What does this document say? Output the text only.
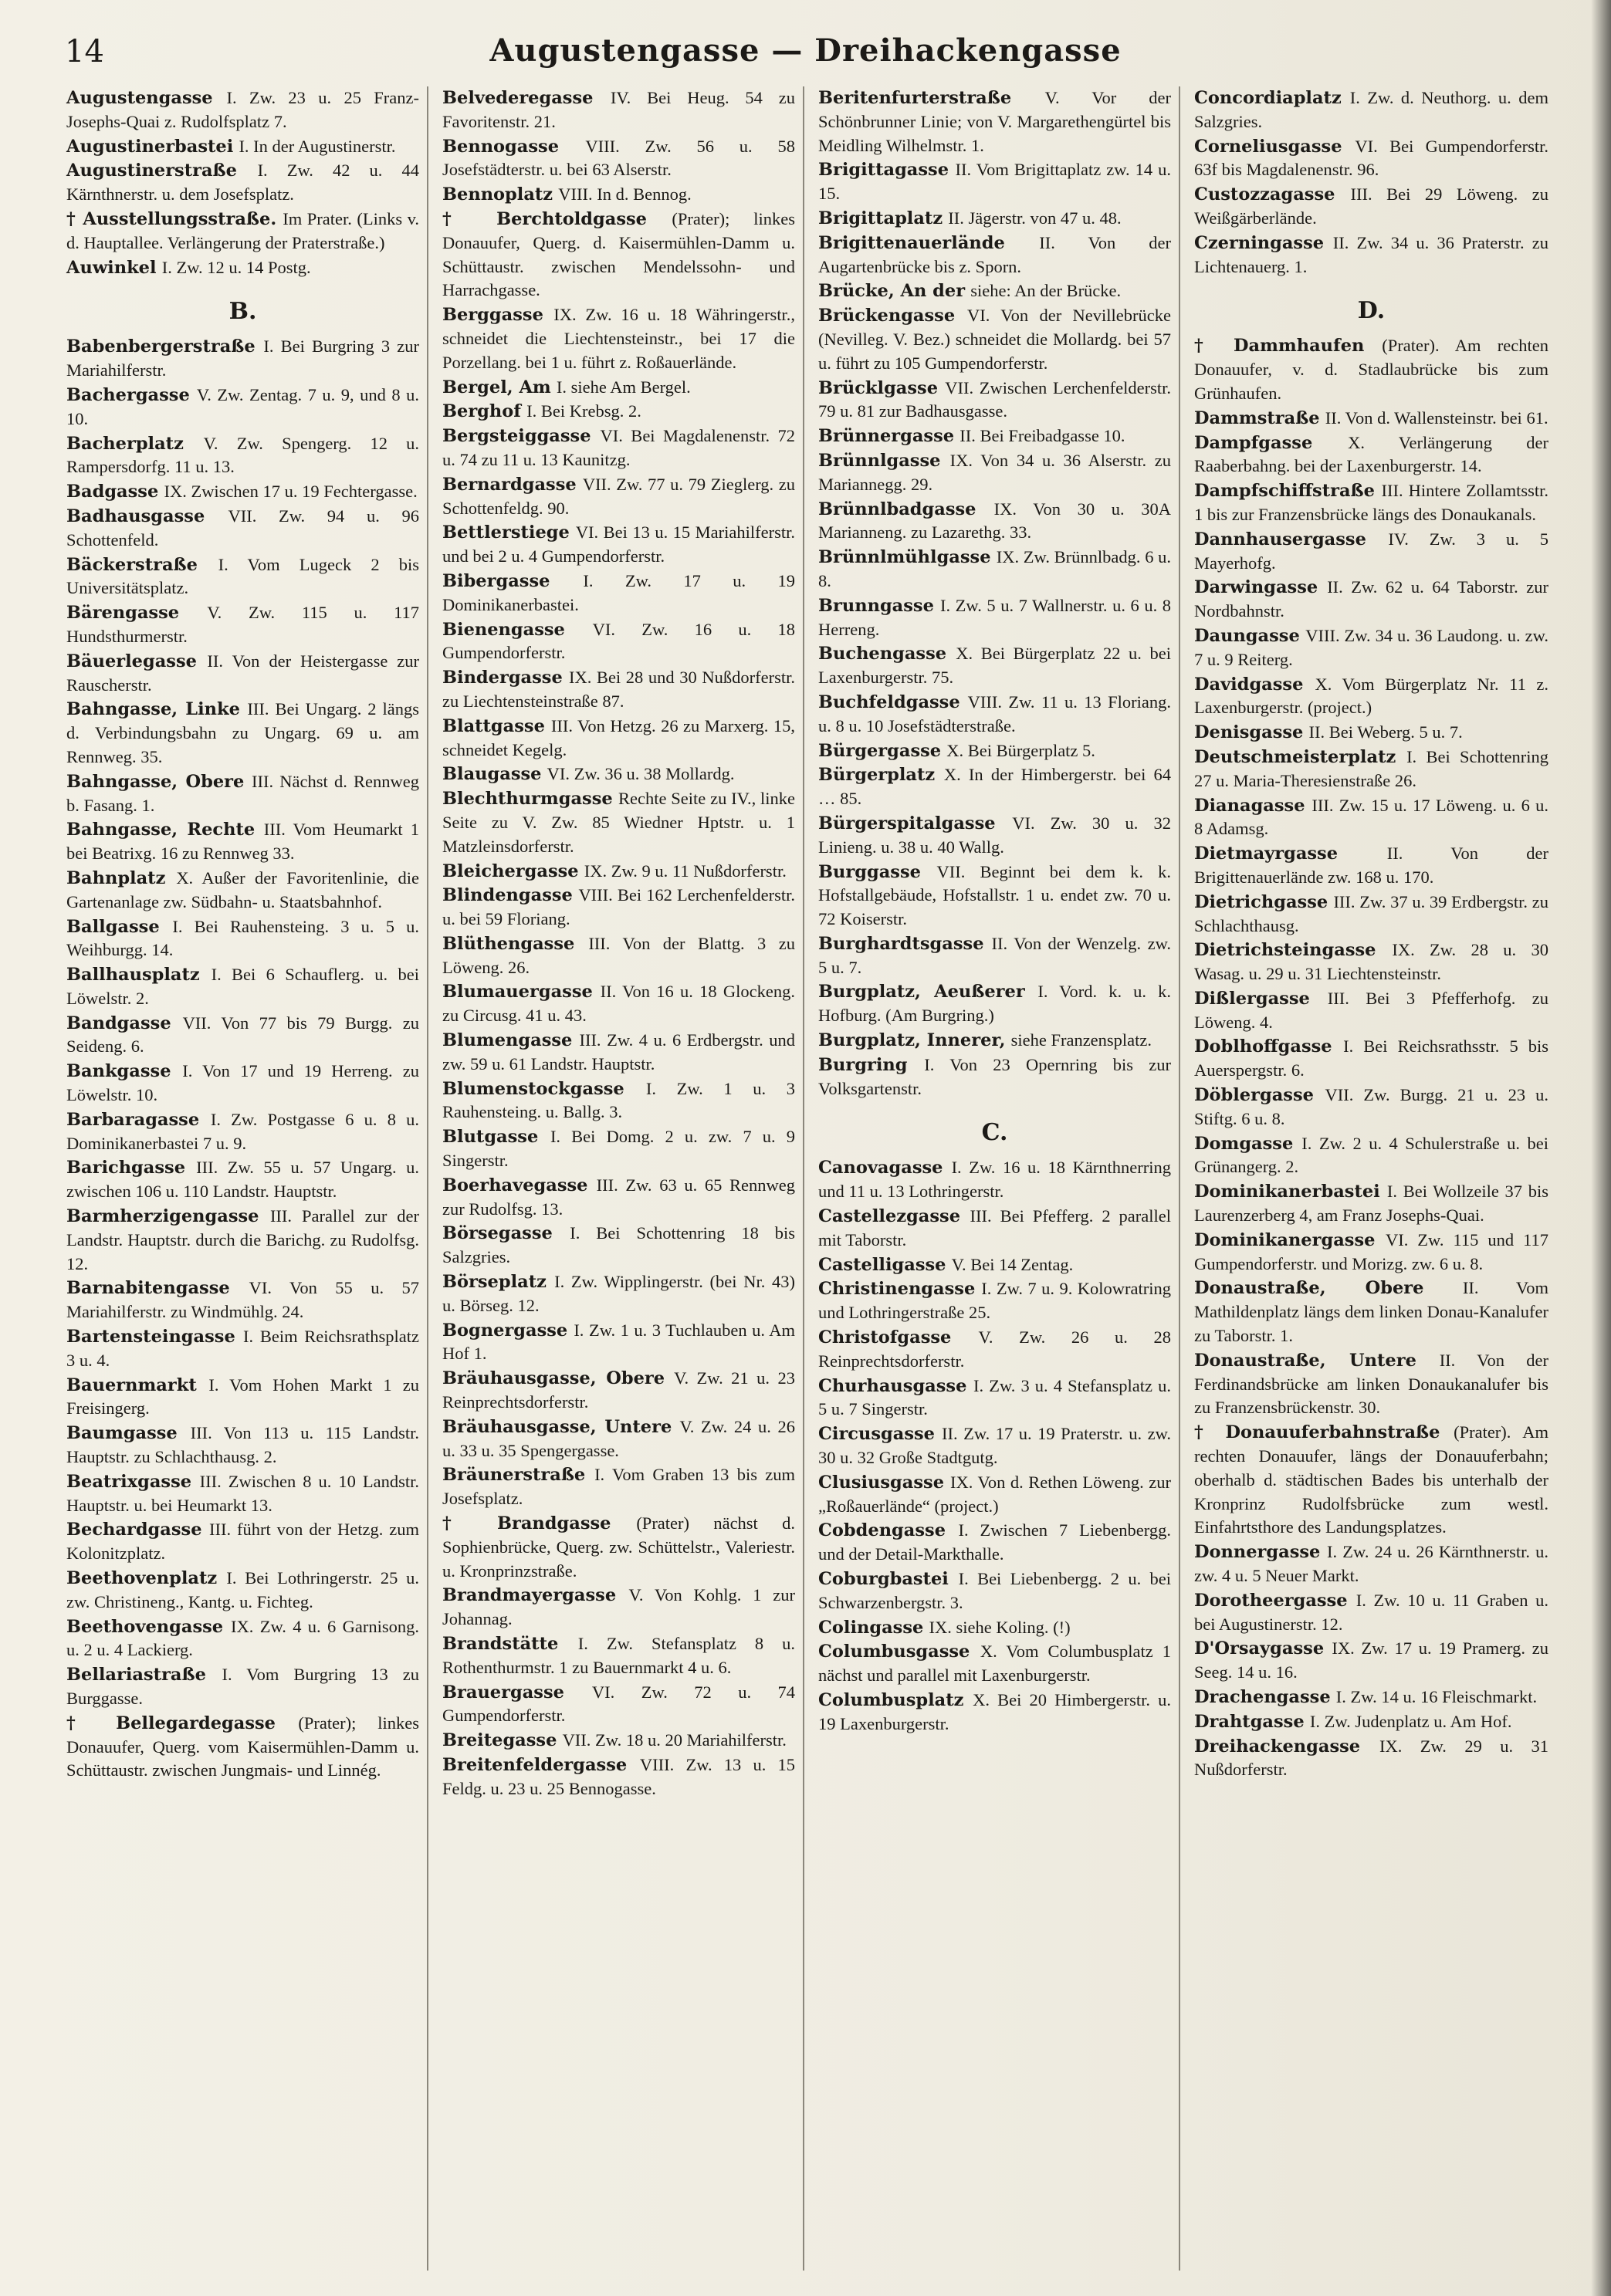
14	Augustengasse — Dreihackengasse
Augustengasse I. Zw. 23 u. 25 Franz-Josephs-Quai z. Rudolfsplatz 7.
Augustinerbastei I. In der Augustinerstr.
Augustinerstraße I. Zw. 42 u. 44 Kärnthnerstr. u. dem Josefsplatz.
† Ausstellungsstraße. Im Prater. (Links v. d. Hauptallee. Verlängerung der Praterstraße.)
Auwinkel I. Zw. 12 u. 14 Postg.
B.
Babenbergerstraße I. Bei Burgring 3 zur Mariahilferstr.
Bachergasse V. Zw. Zentag. 7 u. 9, und 8 u. 10.
Bacherplatz V. Zw. Spengerg. 12 u. Rampersdorfg. 11 u. 13.
Badgasse IX. Zwischen 17 u. 19 Fechtergasse.
Badhausgasse VII. Zw. 94 u. 96 Schottenfeld.
Bäckerstraße I. Vom Lugeck 2 bis Universitätsplatz.
Bärengasse V. Zw. 115 u. 117 Hundsthurmerstr.
Bäuerlegasse II. Von der Heistergasse zur Rauscherstr.
Bahngasse, Linke III. Bei Ungarg. 2 längs d. Verbindungsbahn zu Ungarg. 69 u. am Rennweg. 35.
Bahngasse, Obere III. Nächst d. Rennweg b. Fasang. 1.
Bahngasse, Rechte III. Vom Heumarkt 1 bei Beatrixg. 16 zu Rennweg 33.
Bahnplatz X. Außer der Favoritenlinie, die Gartenanlage zw. Südbahn- u. Staatsbahnhof.
Ballgasse I. Bei Rauhensteing. 3 u. 5 u. Weihburgg. 14.
Ballhausplatz I. Bei 6 Schauflerg. u. bei Löwelstr. 2.
Bandgasse VII. Von 77 bis 79 Burgg. zu Seideng. 6.
Bankgasse I. Von 17 und 19 Herreng. zu Löwelstr. 10.
Barbaragasse I. Zw. Postgasse 6 u. 8 u. Dominikanerbastei 7 u. 9.
Barichgasse III. Zw. 55 u. 57 Ungarg. u. zwischen 106 u. 110 Landstr. Hauptstr.
Barmherzigengasse III. Parallel zur der Landstr. Hauptstr. durch die Barichg. zu Rudolfsg. 12.
Barnabitengasse VI. Von 55 u. 57 Mariahilferstr. zu Windmühlg. 24.
Bartensteingasse I. Beim Reichsrathsplatz 3 u. 4.
Bauernmarkt I. Vom Hohen Markt 1 zu Freisingerg.
Baumgasse III. Von 113 u. 115 Landstr. Hauptstr. zu Schlachthausg. 2.
Beatrixgasse III. Zwischen 8 u. 10 Landstr. Hauptstr. u. bei Heumarkt 13.
Bechardgasse III. führt von der Hetzg. zum Kolonitzplatz.
Beethovenplatz I. Bei Lothringerstr. 25 u. zw. Christineng., Kantg. u. Fichteg.
Beethovengasse IX. Zw. 4 u. 6 Garnisong. u. 2 u. 4 Lackierg.
Bellariastraße I. Vom Burgring 13 zu Burggasse.
† Bellegardegasse (Prater); linkes Donauufer, Querg. vom Kaisermühlen-Damm u. Schüttaustr. zwischen Jungmais- und Linnég.
Belvederegasse IV. Bei Heug. 54 zu Favoritenstr. 21.
Bennogasse VIII. Zw. 56 u. 58 Josefstädterstr. u. bei 63 Alserstr.
Bennoplatz VIII. In d. Bennog.
† Berchtoldgasse (Prater); linkes Donauufer, Querg. d. Kaisermühlen-Damm u. Schüttaustr. zwischen Mendelssohn- und Harrachgasse.
Berggasse IX. Zw. 16 u. 18 Währingerstr., schneidet die Liechtensteinstr., bei 17 die Porzellang. bei 1 u. führt z. Roßauerlände.
Bergel, Am I. siehe Am Bergel.
Berghof I. Bei Krebsg. 2.
Bergsteiggasse VI. Bei Magdalenenstr. 72 u. 74 zu 11 u. 13 Kaunitzg.
Bernardgasse VII. Zw. 77 u. 79 Zieglerg. zu Schottenfeldg. 90.
Bettlerstiege VI. Bei 13 u. 15 Mariahilferstr. und bei 2 u. 4 Gumpendorferstr.
Bibergasse I. Zw. 17 u. 19 Dominikanerbastei.
Bienengasse VI. Zw. 16 u. 18 Gumpendorferstr.
Bindergasse IX. Bei 28 und 30 Nußdorferstr. zu Liechtensteinstraße 87.
Blattgasse III. Von Hetzg. 26 zu Marxerg. 15, schneidet Kegelg.
Blaugasse VI. Zw. 36 u. 38 Mollardg.
Blechthurmgasse Rechte Seite zu IV., linke Seite zu V. Zw. 85 Wiedner Hptstr. u. 1 Matzleinsdorferstr.
Bleichergasse IX. Zw. 9 u. 11 Nußdorferstr.
Blindengasse VIII. Bei 162 Lerchenfelderstr. u. bei 59 Floriang.
Blüthengasse III. Von der Blattg. 3 zu Löweng. 26.
Blumauergasse II. Von 16 u. 18 Glockeng. zu Circusg. 41 u. 43.
Blumengasse III. Zw. 4 u. 6 Erdbergstr. und zw. 59 u. 61 Landstr. Hauptstr.
Blumenstockgasse I. Zw. 1 u. 3 Rauhensteing. u. Ballg. 3.
Blutgasse I. Bei Domg. 2 u. zw. 7 u. 9 Singerstr.
Boerhavegasse III. Zw. 63 u. 65 Rennweg zur Rudolfsg. 13.
Börsegasse I. Bei Schottenring 18 bis Salzgries.
Börseplatz I. Zw. Wipplingerstr. (bei Nr. 43) u. Börseg. 12.
Bognergasse I. Zw. 1 u. 3 Tuchlauben u. Am Hof 1.
Bräuhausgasse, Obere V. Zw. 21 u. 23 Reinprechtsdorferstr.
Bräuhausgasse, Untere V. Zw. 24 u. 26 u. 33 u. 35 Spengergasse.
Bräunerstraße I. Vom Graben 13 bis zum Josefsplatz.
† Brandgasse (Prater) nächst d. Sophienbrücke, Querg. zw. Schüttelstr., Valeriestr. u. Kronprinzstraße.
Brandmayergasse V. Von Kohlg. 1 zur Johannag.
Brandstätte I. Zw. Stefansplatz 8 u. Rothenthurmstr. 1 zu Bauernmarkt 4 u. 6.
Brauergasse VI. Zw. 72 u. 74 Gumpendorferstr.
Breitegasse VII. Zw. 18 u. 20 Mariahilferstr.
Breitenfeldergasse VIII. Zw. 13 u. 15 Feldg. u. 23 u. 25 Bennogasse.
Beritenfurterstraße V. Vor der Schönbrunner Linie; von V. Margarethengürtel bis Meidling Wilhelmstr. 1.
Brigittagasse II. Vom Brigittaplatz zw. 14 u. 15.
Brigittaplatz II. Jägerstr. von 47 u. 48.
Brigittenauerlände II. Von der Augartenbrücke bis z. Sporn.
Brücke, An der siehe: An der Brücke.
Brückengasse VI. Von der Nevillebrücke (Nevilleg. V. Bez.) schneidet die Mollardg. bei 57 u. führt zu 105 Gumpendorferstr.
Brücklgasse VII. Zwischen Lerchenfelderstr. 79 u. 81 zur Badhausgasse.
Brünnergasse II. Bei Freibadgasse 10.
Brünnlgasse IX. Von 34 u. 36 Alserstr. zu Mariannegg. 29.
Brünnlbadgasse IX. Von 30 u. 30A Marianneng. zu Lazarethg. 33.
Brünnlmühlgasse IX. Zw. Brünnlbadg. 6 u. 8.
Brunngasse I. Zw. 5 u. 7 Wallnerstr. u. 6 u. 8 Herreng.
Buchengasse X. Bei Bürgerplatz 22 u. bei Laxenburgerstr. 75.
Buchfeldgasse VIII. Zw. 11 u. 13 Floriang. u. 8 u. 10 Josefstädterstraße.
Bürgergasse X. Bei Bürgerplatz 5.
Bürgerplatz X. In der Himbergerstr. bei 64 … 85.
Bürgerspitalgasse VI. Zw. 30 u. 32 Linieng. u. 38 u. 40 Wallg.
Burggasse VII. Beginnt bei dem k. k. Hofstallgebäude, Hofstallstr. 1 u. endet zw. 70 u. 72 Koiserstr.
Burghardtsgasse II. Von der Wenzelg. zw. 5 u. 7.
Burgplatz, Aeußerer I. Vord. k. u. k. Hofburg. (Am Burgring.)
Burgplatz, Innerer, siehe Franzensplatz.
Burgring I. Von 23 Opernring bis zur Volksgartenstr.
C.
Canovagasse I. Zw. 16 u. 18 Kärnthnerring und 11 u. 13 Lothringerstr.
Castellezgasse III. Bei Pfefferg. 2 parallel mit Taborstr.
Castelligasse V. Bei 14 Zentag.
Christinengasse I. Zw. 7 u. 9. Kolowratring und Lothringerstraße 25.
Christofgasse V. Zw. 26 u. 28 Reinprechtsdorferstr.
Churhausgasse I. Zw. 3 u. 4 Stefansplatz u. 5 u. 7 Singerstr.
Circusgasse II. Zw. 17 u. 19 Praterstr. u. zw. 30 u. 32 Große Stadtgutg.
Clusiusgasse IX. Von d. Rethen Löweng. zur „Roßauerlände“ (project.)
Cobdengasse I. Zwischen 7 Liebenbergg. und der Detail-Markthalle.
Coburgbastei I. Bei Liebenbergg. 2 u. bei Schwarzenbergstr. 3.
Colingasse IX. siehe Koling. (!)
Columbusgasse X. Vom Columbusplatz 1 nächst und parallel mit Laxenburgerstr.
Columbusplatz X. Bei 20 Himbergerstr. u. 19 Laxenburgerstr.
Concordiaplatz I. Zw. d. Neuthorg. u. dem Salzgries.
Corneliusgasse VI. Bei Gumpendorferstr. 63f bis Magdalenenstr. 96.
Custozzagasse III. Bei 29 Löweng. zu Weißgärberlände.
Czerningasse II. Zw. 34 u. 36 Praterstr. zu Lichtenauerg. 1.
D.
† Dammhaufen (Prater). Am rechten Donauufer, v. d. Stadlaubrücke bis zum Grünhaufen.
Dammstraße II. Von d. Wallensteinstr. bei 61.
Dampfgasse X. Verlängerung der Raaberbahng. bei der Laxenburgerstr. 14.
Dampfschiffstraße III. Hintere Zollamtsstr. 1 bis zur Franzensbrücke längs des Donaukanals.
Dannhausergasse IV. Zw. 3 u. 5 Mayerhofg.
Darwingasse II. Zw. 62 u. 64 Taborstr. zur Nordbahnstr.
Daungasse VIII. Zw. 34 u. 36 Laudong. u. zw. 7 u. 9 Reiterg.
Davidgasse X. Vom Bürgerplatz Nr. 11 z. Laxenburgerstr. (project.)
Denisgasse II. Bei Weberg. 5 u. 7.
Deutschmeisterplatz I. Bei Schottenring 27 u. Maria-Theresienstraße 26.
Dianagasse III. Zw. 15 u. 17 Löweng. u. 6 u. 8 Adamsg.
Dietmayrgasse	II. Von der Brigittenauerlände zw. 168 u. 170.
Dietrichgasse III. Zw. 37 u. 39 Erdbergstr. zu Schlachthausg.
Dietrichsteingasse IX. Zw. 28 u. 30 Wasag. u. 29 u. 31 Liechtensteinstr.
Dißlergasse III. Bei 3 Pfefferhofg. zu Löweng. 4.
Doblhoffgasse I. Bei Reichsrathsstr. 5 bis Auerspergstr. 6.
Döblergasse VII. Zw. Burgg. 21 u. 23 u. Stiftg. 6 u. 8.
Domgasse I. Zw. 2 u. 4 Schulerstraße u. bei Grünangerg. 2.
Dominikanerbastei I. Bei Wollzeile 37 bis Laurenzerberg 4, am Franz Josephs-Quai.
Dominikanergasse VI. Zw. 115 und 117 Gumpendorferstr. und Morizg. zw. 6 u. 8.
Donaustraße, Obere II. Vom Mathildenplatz längs dem linken Donau-Kanalufer zu Taborstr. 1.
Donaustraße, Untere II. Von der Ferdinandsbrücke am linken Donaukanalufer bis zu Franzensbrückenstr. 30.
† Donauuferbahnstraße (Prater). Am rechten Donauufer, längs der Donauuferbahn; oberhalb d. städtischen Bades bis unterhalb der Kronprinz Rudolfsbrücke zum westl. Einfahrtsthore des Landungsplatzes.
Donnergasse I. Zw. 24 u. 26 Kärnthnerstr. u. zw. 4 u. 5 Neuer Markt.
Dorotheergasse I. Zw. 10 u. 11 Graben u. bei Augustinerstr. 12.
D'Orsaygasse IX. Zw. 17 u. 19 Pramerg. zu Seeg. 14 u. 16.
Drachengasse I. Zw. 14 u. 16 Fleischmarkt.
Drahtgasse I. Zw. Judenplatz u. Am Hof.
Dreihackengasse IX. Zw. 29 u. 31 Nußdorferstr.
